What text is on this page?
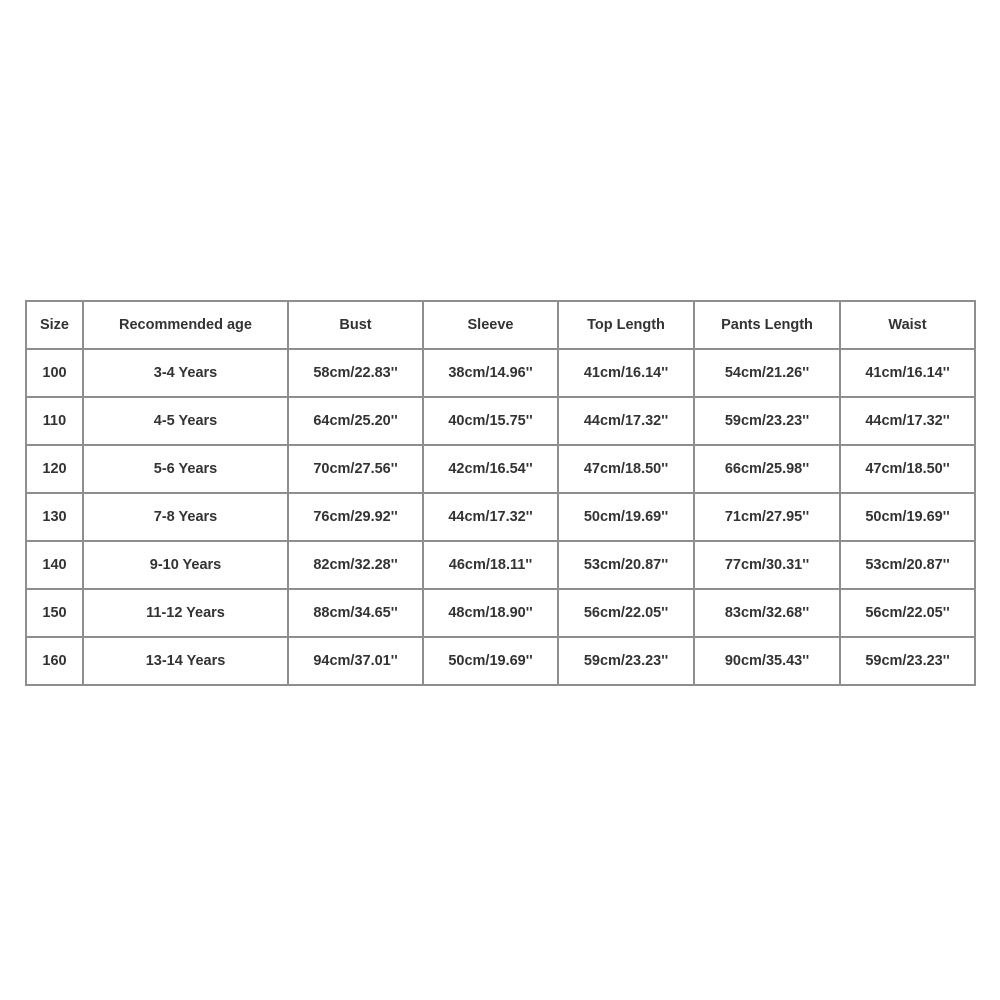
Size	Recommended age	Bust	Sleeve	Top Length	Pants Length	Waist
100	3-4 Years	58cm/22.83''	38cm/14.96''	41cm/16.14''	54cm/21.26''	41cm/16.14''
110	4-5 Years	64cm/25.20''	40cm/15.75''	44cm/17.32''	59cm/23.23''	44cm/17.32''
120	5-6 Years	70cm/27.56''	42cm/16.54''	47cm/18.50''	66cm/25.98''	47cm/18.50''
130	7-8 Years	76cm/29.92''	44cm/17.32''	50cm/19.69''	71cm/27.95''	50cm/19.69''
140	9-10 Years	82cm/32.28''	46cm/18.11''	53cm/20.87''	77cm/30.31''	53cm/20.87''
150	11-12 Years	88cm/34.65''	48cm/18.90''	56cm/22.05''	83cm/32.68''	56cm/22.05''
160	13-14 Years	94cm/37.01''	50cm/19.69''	59cm/23.23''	90cm/35.43''	59cm/23.23''
